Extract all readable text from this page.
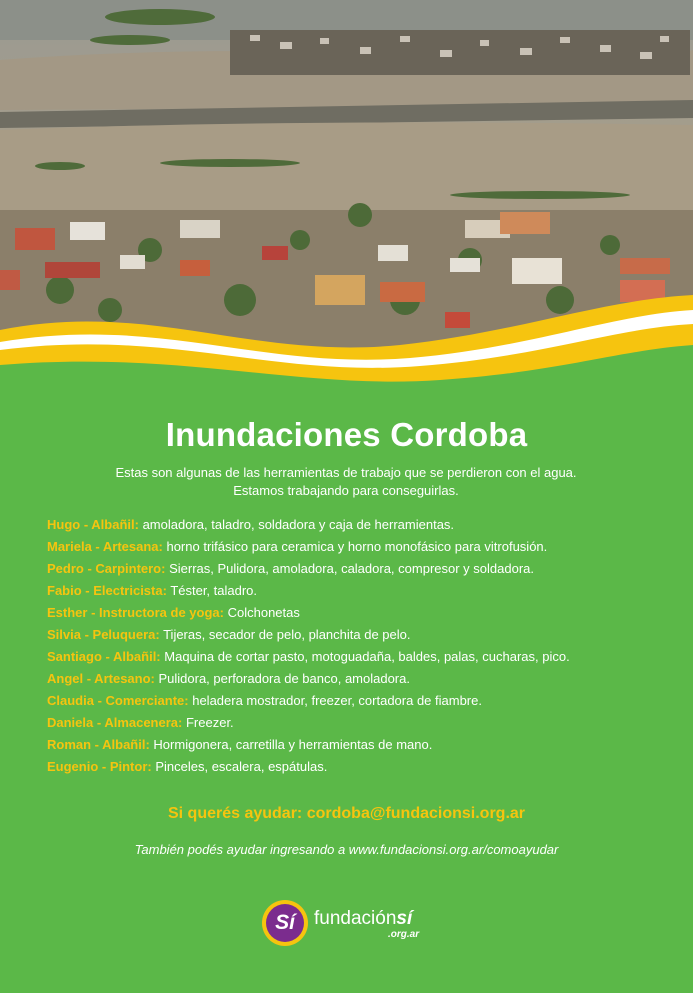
Inundaciones Cordoba

Estas son algunas de las herramientas de trabajo que se perdieron con el agua. Estamos trabajando para conseguirlas.

Hugo - Albañil: amoladora, taladro, soldadora y caja de herramientas.
Mariela - Artesana: horno trifásico para ceramica y horno monofásico para vitrofusión.
Pedro - Carpintero: Sierras, Pulidora, amoladora, caladora, compresor y soldadora.
Fabio - Electricista: Téster, taladro.
Esther - Instructora de yoga: Colchonetas
Silvia - Peluquera: Tijeras, secador de pelo, planchita de pelo.
Santiago - Albañil: Maquina de cortar pasto, motoguadaña, baldes, palas, cucharas, pico.
Angel - Artesano: Pulidora, perforadora de banco, amoladora.
Claudia - Comerciante: heladera mostrador, freezer, cortadora de fiambre.
Daniela - Almacenera: Freezer.
Roman - Albañil: Hormigonera, carretilla y herramientas de mano.
Eugenio - Pintor: Pinceles, escalera, espátulas.

Si querés ayudar: cordoba@fundacionsi.org.ar

También podés ayudar ingresando a www.fundacionsi.org.ar/comoayudar

Sí	fundaciónsí
.org.ar
